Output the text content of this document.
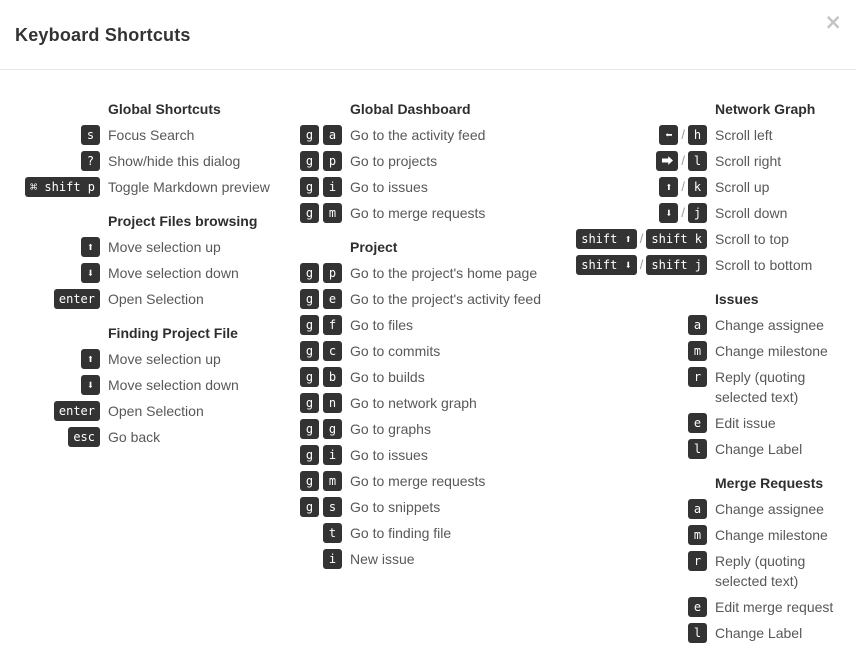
Keyboard Shortcuts
×
Global Shortcuts
s Focus Search
? Show/hide this dialog
⌘ shift p Toggle Markdown preview
Project Files browsing
⬆ Move selection up
⬇ Move selection down
enter Open Selection
Finding Project File
⬆ Move selection up
⬇ Move selection down
enter Open Selection
esc Go back
Global Dashboard
g	a Go to the activity feed
g	p Go to projects
g	i Go to issues
g	m Go to merge requests
Project
g	p Go to the project's home page
g	e Go to the project's activity feed
g	f Go to files
g	c Go to commits
g	b Go to builds
g	n Go to network graph
g	g Go to graphs
g	i Go to issues
g	m Go to merge requests
g	s Go to snippets
t Go to finding file
i New issue
Network Graph
⬅ / h Scroll left
⮕ / l Scroll right
⬆ / k Scroll up
⬇ / j Scroll down
shift ⬆ / shift k Scroll to top
shift ⬇ / shift j Scroll to bottom
Issues
a Change assignee
m Change milestone
r Reply (quoting selected text)
e Edit issue
l Change Label
Merge Requests
a Change assignee
m Change milestone
r Reply (quoting selected text)
e Edit merge request
l Change Label
